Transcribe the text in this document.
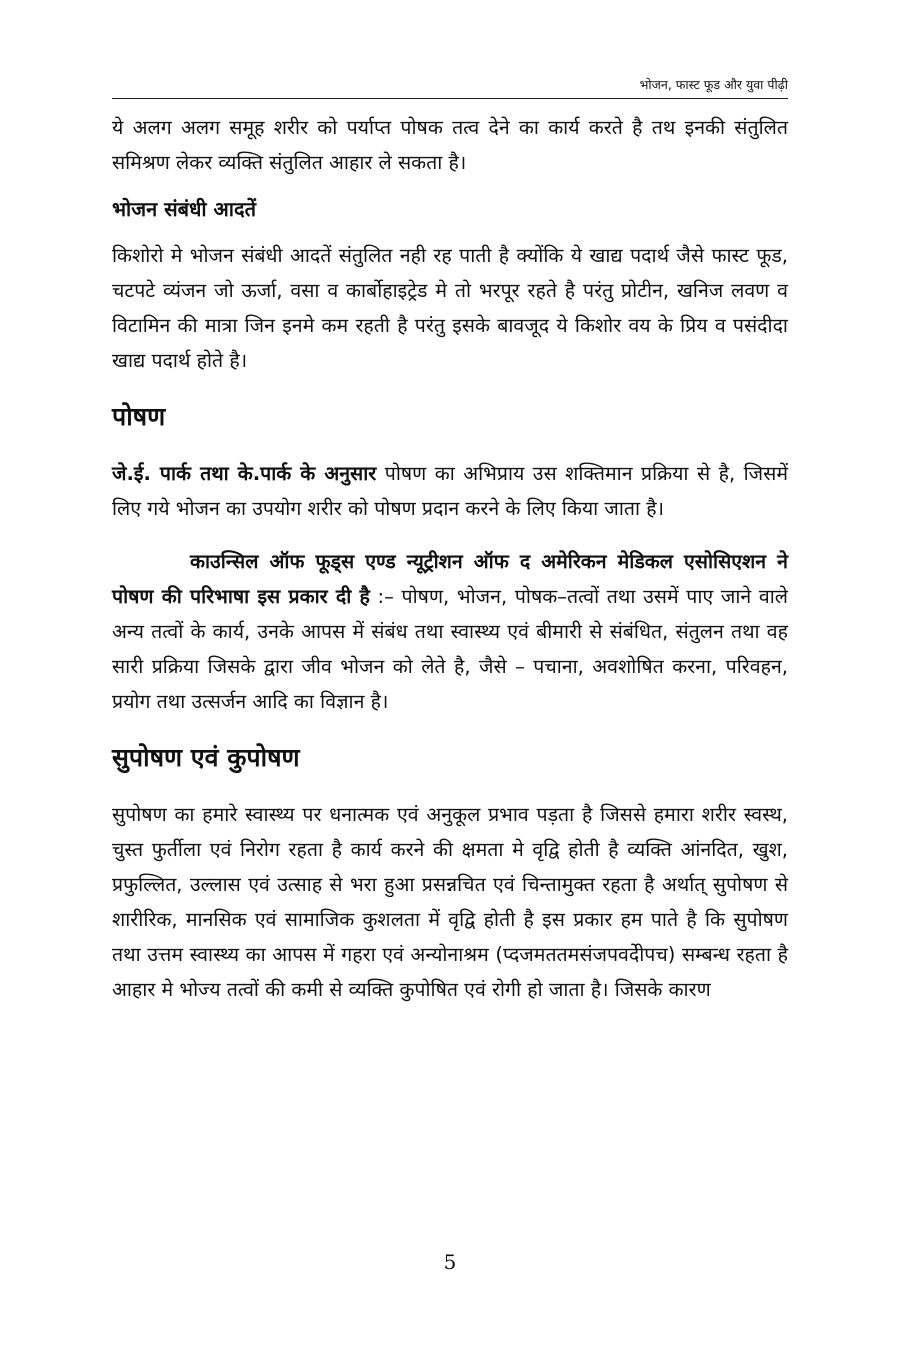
भोजन, फास्ट फूड और युवा पीढ़ी

ये अलग अलग समूह शरीर को पर्याप्त पोषक तत्व देने का कार्य करते है तथ इनकी संतुलित समिश्रण लेकर व्यक्ति संतुलित आहार ले सकता है।

भोजन संबंधी आदतें

किशोरो मे भोजन संबंधी आदतें संतुलित नही रह पाती है क्योंकि ये खाद्य पदार्थ जैसे फास्ट फूड, चटपटे व्यंजन जो ऊर्जा, वसा व कार्बोहाइट्रेड मे तो भरपूर रहते है परंतु प्रोटीन, खनिज लवण व विटामिन की मात्रा जिन इनमे कम रहती है परंतु इसके बावजूद ये किशोर वय के प्रिय व पसंदीदा खाद्य पदार्थ होते है।

पोषण

जे.ई. पार्क तथा के.पार्क के अनुसार पोषण का अभिप्राय उस शक्तिमान प्रक्रिया से है, जिसमें लिए गये भोजन का उपयोग शरीर को पोषण प्रदान करने के लिए किया जाता है।

काउन्सिल ऑफ फूड्स एण्ड न्यूट्रीशन ऑफ द अमेरिकन मेडिकल एसोसिएशन ने पोषण की परिभाषा इस प्रकार दी है :– पोषण, भोजन, पोषक–तत्वों तथा उसमें पाए जाने वाले अन्य तत्वों के कार्य, उनके आपस में संबंध तथा स्वास्थ्य एवं बीमारी से संबंधित, संतुलन तथा वह सारी प्रक्रिया जिसके द्वारा जीव भोजन को लेते है, जैसे – पचाना, अवशोषित करना, परिवहन, प्रयोग तथा उत्सर्जन आदि का विज्ञान है।

सुपोषण एवं कुपोषण

सुपोषण का हमारे स्वास्थ्य पर धनात्मक एवं अनुकूल प्रभाव पड़ता है जिससे हमारा शरीर स्वस्थ, चुस्त फुर्तीला एवं निरोग रहता है कार्य करने की क्षमता मे वृद्वि होती है व्यक्ति आंनदित, खुश, प्रफुल्लित, उल्लास एवं उत्साह से भरा हुआ प्रसन्नचित एवं चिन्तामुक्त रहता है अर्थात् सुपोषण से शारीरिक, मानसिक एवं सामाजिक कुशलता में वृद्वि होती है इस प्रकार हम पाते है कि सुपोषण तथा उत्तम स्वास्थ्य का आपस में गहरा एवं अन्योनाश्रम (प्दजमततमसंजपवदेीपच) सम्बन्ध रहता है आहार मे भोज्य तत्वों की कमी से व्यक्ति कुपोषित एवं रोगी हो जाता है। जिसके कारण

5
